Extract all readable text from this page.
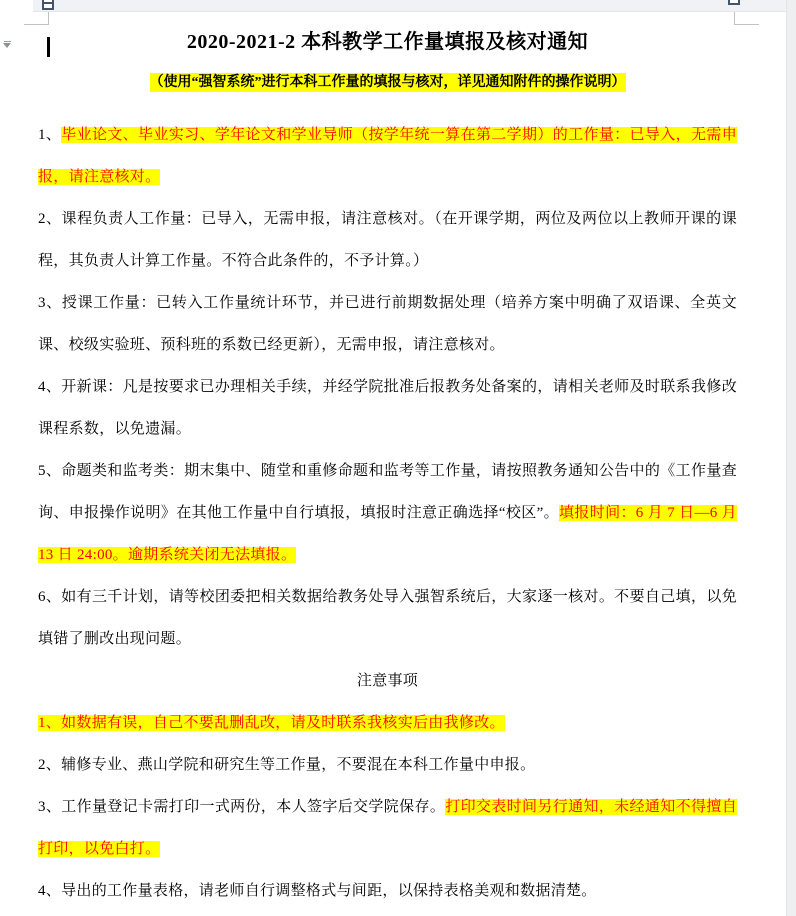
2020-2021-2 本科教学工作量填报及核对通知

（使用“强智系统”进行本科工作量的填报与核对，详见通知附件的操作说明）

1、毕业论文、毕业实习、学年论文和学业导师（按学年统一算在第二学期）的工作量：已导入，无需申报，请注意核对。

2、课程负责人工作量：已导入，无需申报，请注意核对。（在开课学期，两位及两位以上教师开课的课程，其负责人计算工作量。不符合此条件的，不予计算。）

3、授课工作量：已转入工作量统计环节，并已进行前期数据处理（培养方案中明确了双语课、全英文课、校级实验班、预科班的系数已经更新），无需申报，请注意核对。

4、开新课：凡是按要求已办理相关手续，并经学院批准后报教务处备案的，请相关老师及时联系我修改课程系数，以免遗漏。

5、命题类和监考类：期末集中、随堂和重修命题和监考等工作量，请按照教务通知公告中的《工作量查询、申报操作说明》在其他工作量中自行填报，填报时注意正确选择“校区”。填报时间：6 月 7 日—6 月 13 日 24:00。逾期系统关闭无法填报。

6、如有三千计划，请等校团委把相关数据给教务处导入强智系统后，大家逐一核对。不要自己填，以免填错了删改出现问题。

注意事项

1、如数据有误，自己不要乱删乱改，请及时联系我核实后由我修改。

2、辅修专业、燕山学院和研究生等工作量，不要混在本科工作量中申报。

3、工作量登记卡需打印一式两份，本人签字后交学院保存。打印交表时间另行通知，未经通知不得擅自打印，以免白打。

4、导出的工作量表格，请老师自行调整格式与间距，以保持表格美观和数据清楚。
